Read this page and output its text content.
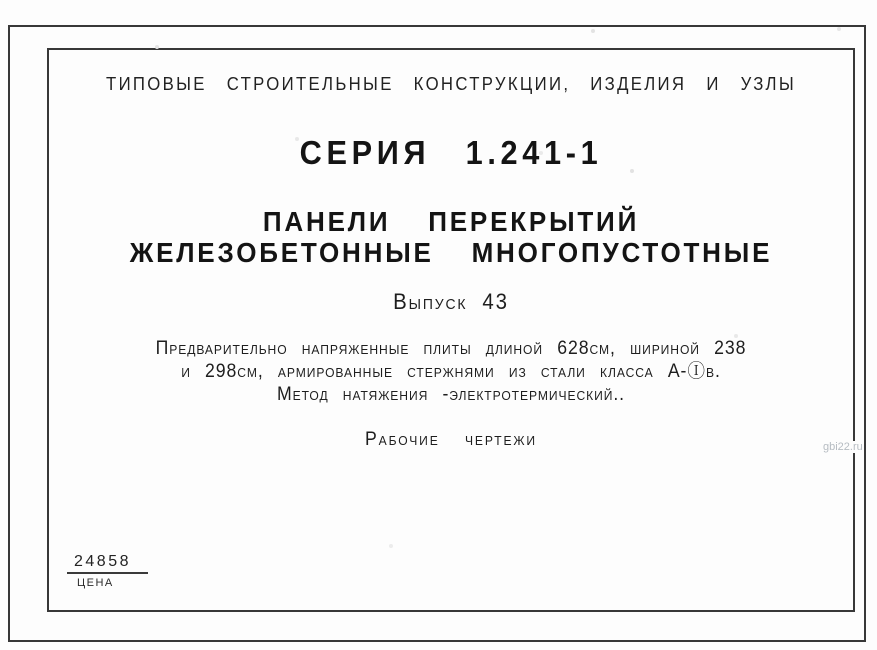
ТИПОВЫЕ СТРОИТЕЛЬНЫЕ КОНСТРУКЦИИ, ИЗДЕЛИЯ И УЗЛЫ
СЕРИЯ 1.241-1
ПАНЕЛИ ПЕРЕКРЫТИЙ
ЖЕЛЕЗОБЕТОННЫЕ МНОГОПУСТОТНЫЕ
Выпуск 43
Предварительно напряженные плиты длиной 628см, шириной 238
и 298см, армированные стержнями из стали класса А-Ⓘв.
Метод натяжения -электротермический..
Рабочие чертежи
24858
ЦЕНА
gbi22.ru
